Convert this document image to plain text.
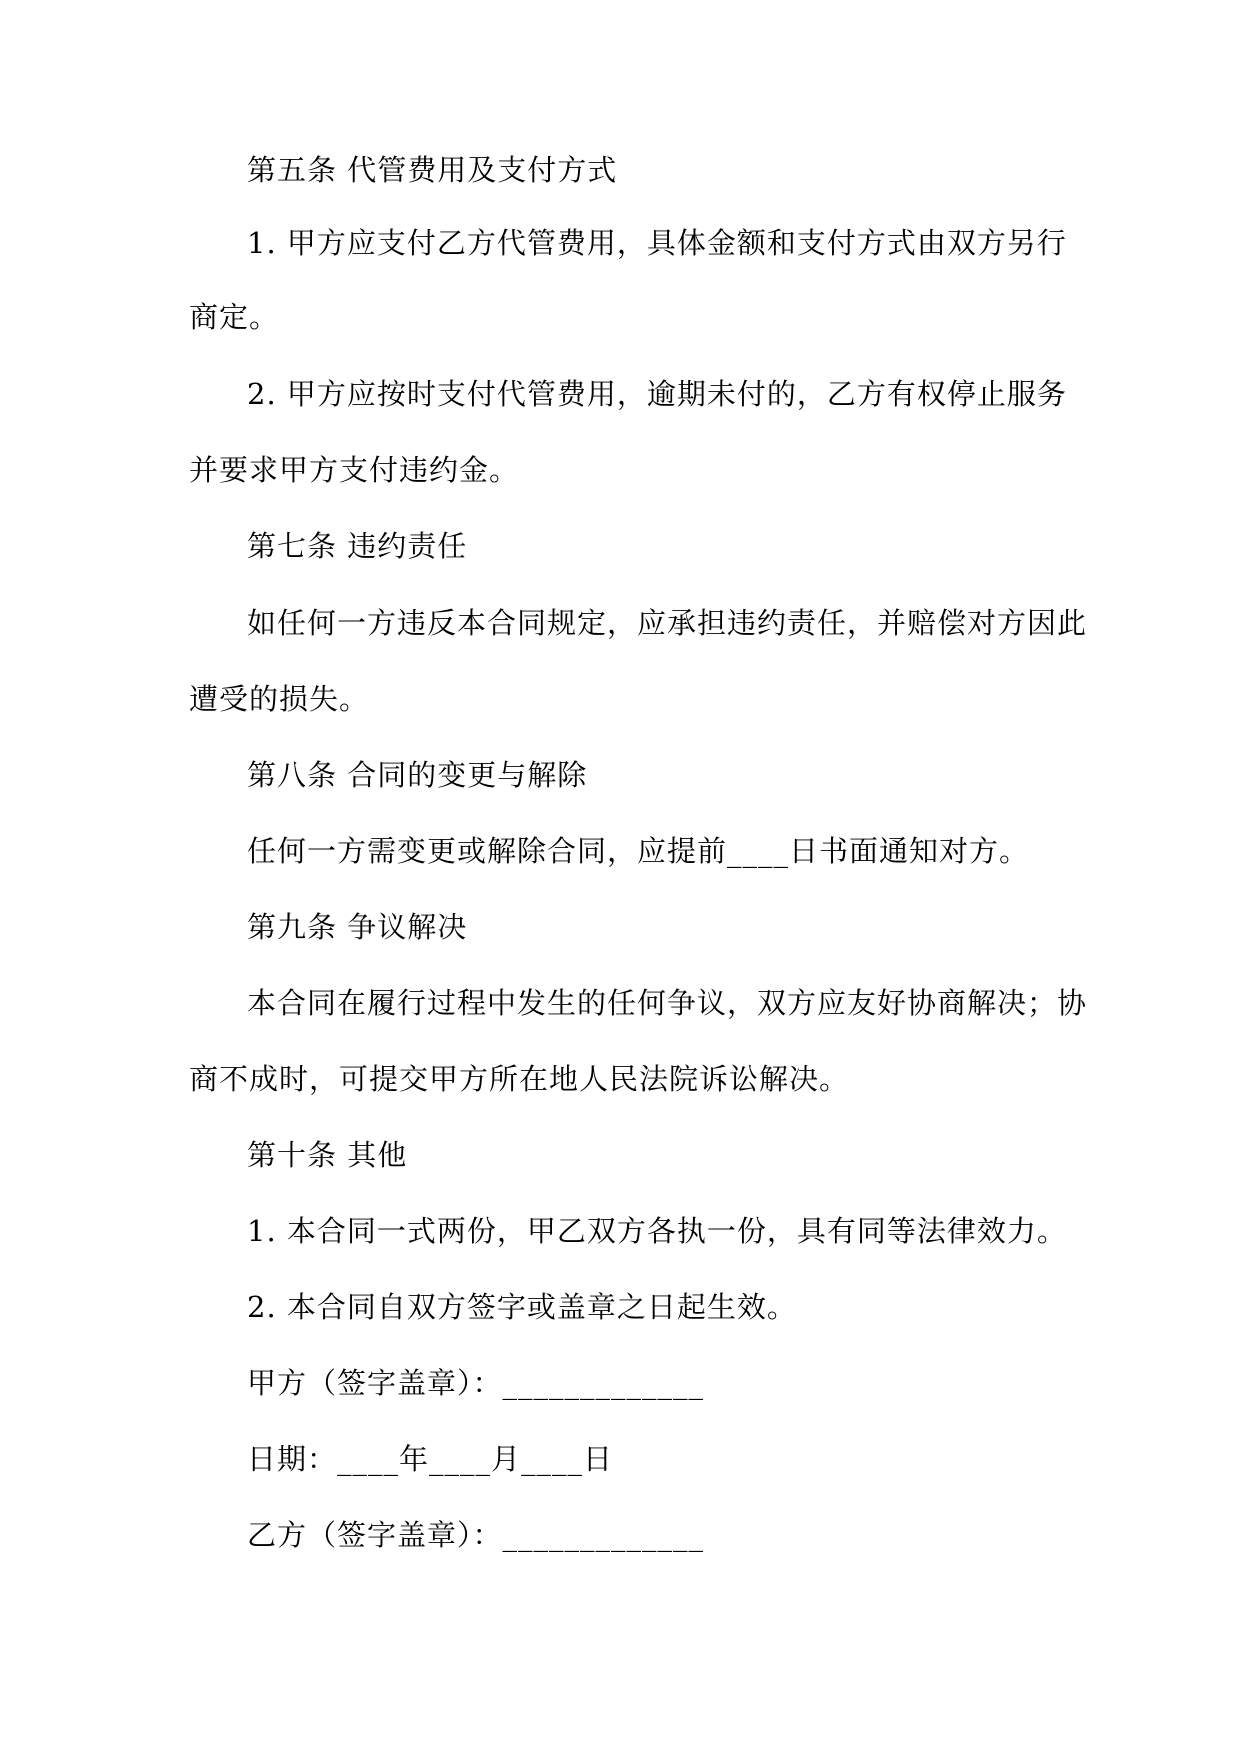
第五条 代管费用及支付方式
1. 甲方应支付乙方代管费用，具体金额和支付方式由双方另行
商定。
2. 甲方应按时支付代管费用，逾期未付的，乙方有权停止服务
并要求甲方支付违约金。
第七条 违约责任
如任何一方违反本合同规定，应承担违约责任，并赔偿对方因此
遭受的损失。
第八条 合同的变更与解除
任何一方需变更或解除合同，应提前____日书面通知对方。
第九条 争议解决
本合同在履行过程中发生的任何争议，双方应友好协商解决；协
商不成时，可提交甲方所在地人民法院诉讼解决。
第十条 其他
1. 本合同一式两份，甲乙双方各执一份，具有同等法律效力。
2. 本合同自双方签字或盖章之日起生效。
甲方（签字盖章）：_____________
日期：____年____月____日
乙方（签字盖章）：_____________
